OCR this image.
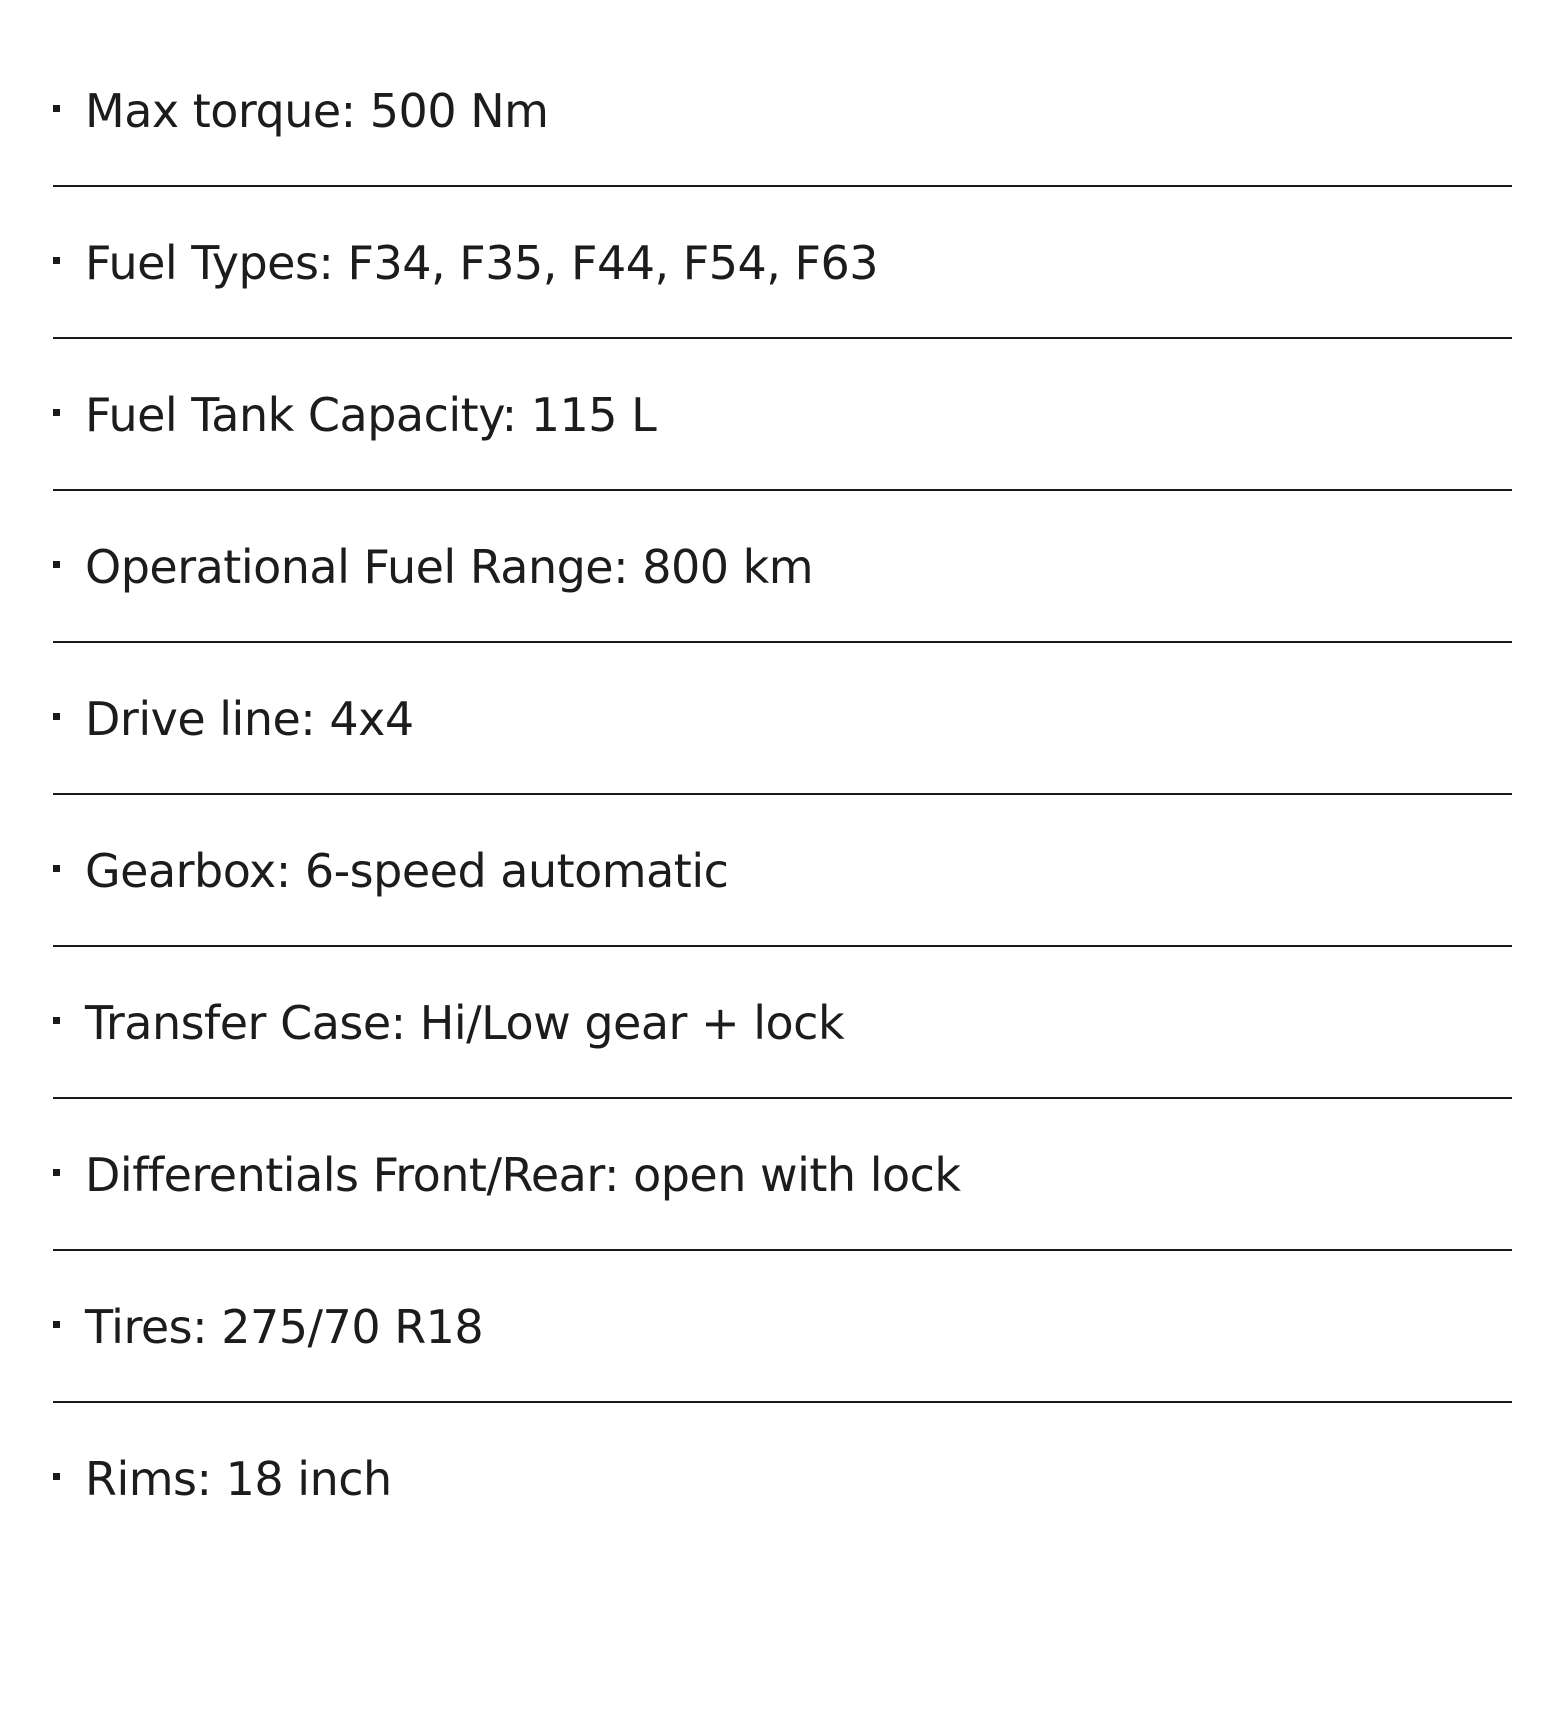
Max torque: 500 Nm
Fuel Types: F34, F35, F44, F54, F63
Fuel Tank Capacity: 115 L
Operational Fuel Range: 800 km
Drive line: 4x4
Gearbox: 6-speed automatic
Transfer Case: Hi/Low gear + lock
Differentials Front/Rear: open with lock
Tires: 275/70 R18
Rims: 18 inch
